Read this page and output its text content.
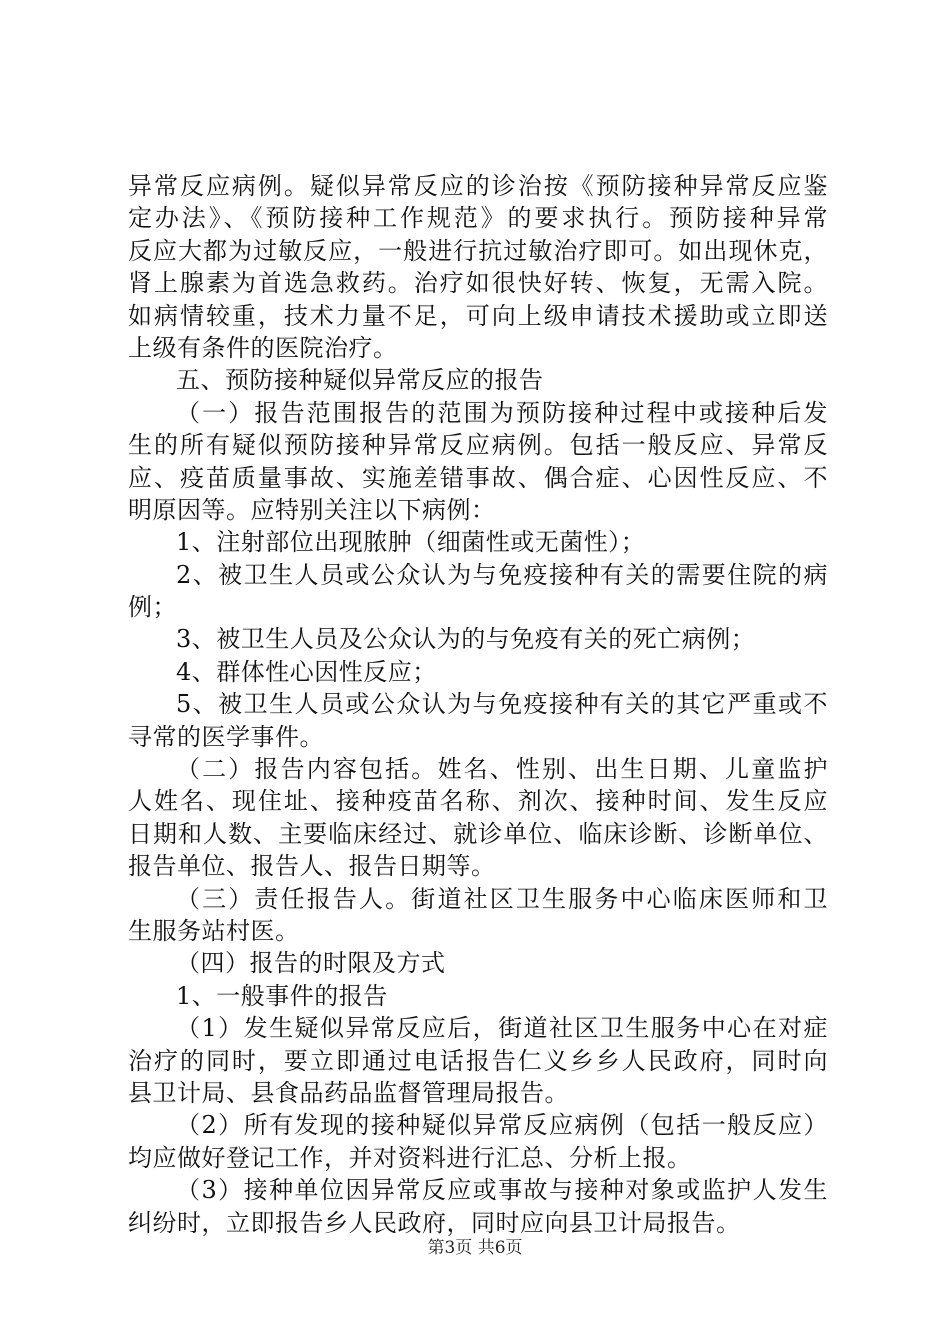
异常反应病例。疑似异常反应的诊治按《预防接种异常反应鉴
定办法》、《预防接种工作规范》的要求执行。预防接种异常
反应大都为过敏反应，一般进行抗过敏治疗即可。如出现休克，
肾上腺素为首选急救药。治疗如很快好转、恢复，无需入院。
如病情较重，技术力量不足，可向上级申请技术援助或立即送
上级有条件的医院治疗。
五、预防接种疑似异常反应的报告
（一）报告范围报告的范围为预防接种过程中或接种后发
生的所有疑似预防接种异常反应病例。包括一般反应、异常反
应、疫苗质量事故、实施差错事故、偶合症、心因性反应、不
明原因等。应特别关注以下病例：
1、注射部位出现脓肿（细菌性或无菌性）；
2、被卫生人员或公众认为与免疫接种有关的需要住院的病
例；
3、被卫生人员及公众认为的与免疫有关的死亡病例；
4、群体性心因性反应；
5、被卫生人员或公众认为与免疫接种有关的其它严重或不
寻常的医学事件。
（二）报告内容包括。姓名、性别、出生日期、儿童监护
人姓名、现住址、接种疫苗名称、剂次、接种时间、发生反应
日期和人数、主要临床经过、就诊单位、临床诊断、诊断单位、
报告单位、报告人、报告日期等。
（三）责任报告人。街道社区卫生服务中心临床医师和卫
生服务站村医。
（四）报告的时限及方式
1、一般事件的报告
（1）发生疑似异常反应后，街道社区卫生服务中心在对症
治疗的同时，要立即通过电话报告仁义乡乡人民政府，同时向
县卫计局、县食品药品监督管理局报告。
（2）所有发现的接种疑似异常反应病例（包括一般反应）
均应做好登记工作，并对资料进行汇总、分析上报。
（3）接种单位因异常反应或事故与接种对象或监护人发生
纠纷时，立即报告乡人民政府，同时应向县卫计局报告。
第3页 共6页
